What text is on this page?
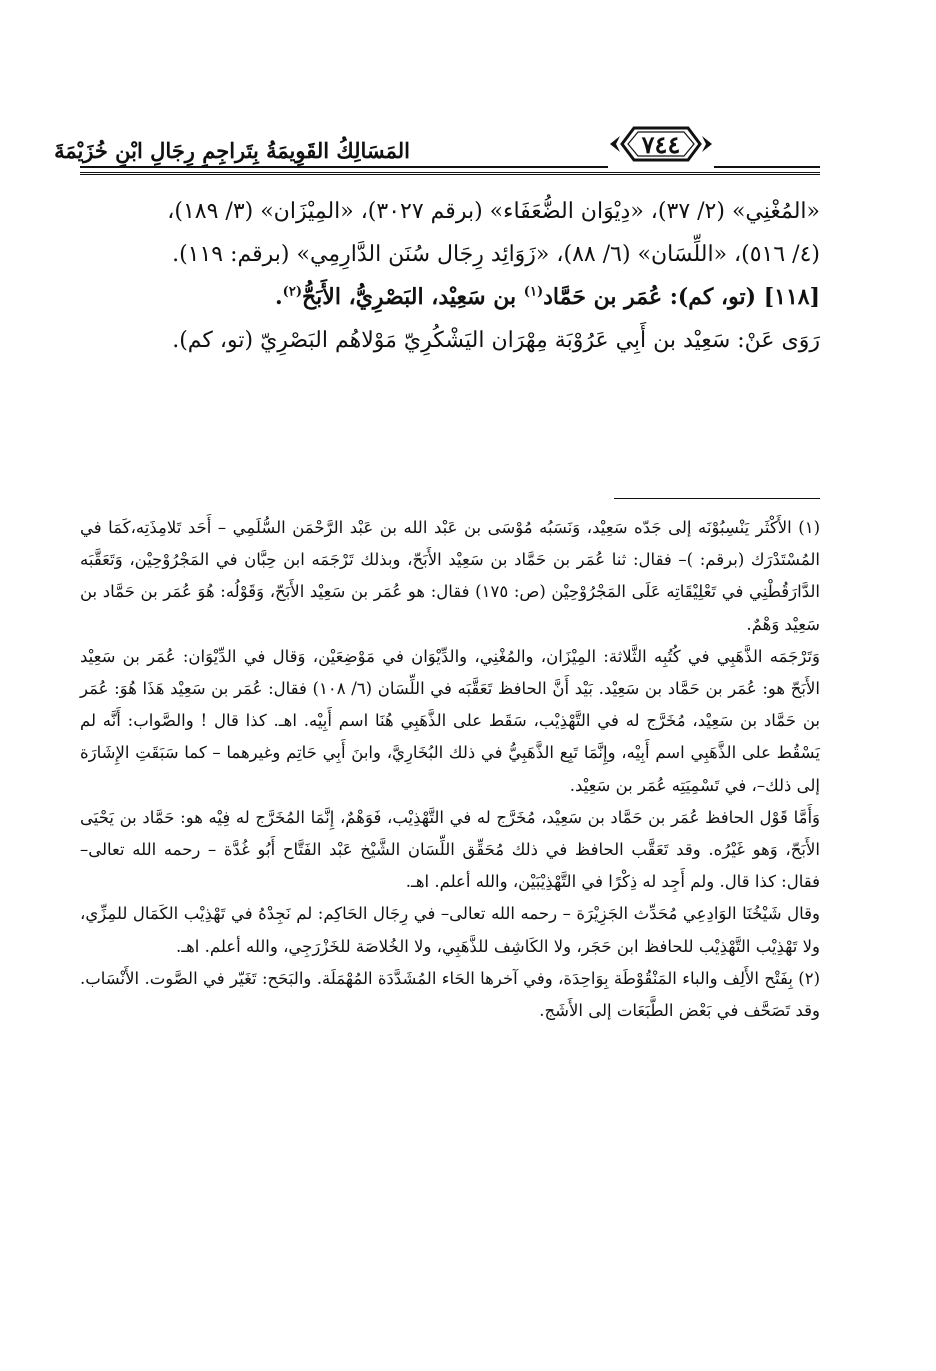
المَسَالِكُ القَوِيمَةُ بِتَراجِمِ رِجَالِ ابْنِ خُزَيْمَةَ	٧٤٤

«المُغْنِي» (٢/ ٣٧)، «دِيْوَان الضُّعَفَاء» (برقم ٣٠٢٧)، «المِيْزَان» (٣/ ١٨٩)،

(٤/ ٥١٦)، «اللِّسَان» (٦/ ٨٨)، «زَوَائِد رِجَال سُنَن الدَّارِمِي» (برقم: ١١٩).

[١١٨] (تو، كم): عُمَر بن حَمَّاد$^{(١)}$ بن سَعِيْد، البَصْرِيُّ، الأَبَحُّ$^{(٢)}$.

رَوَى عَنْ: سَعِيْد بن أَبِي عَرُوْبَة مِهْرَان اليَشْكُرِيّ مَوْلاهُم البَصْرِيّ (تو، كم).

(١) الأَكْثَر يَنْسِبُوْنَه إلى جَدّه سَعِيْد، وَنَسَبُه مُوْسَى بن عَبْد الله بن عَبْد الرَّحْمَن السُّلَمِي – أَحَد تَلامِذَتِه،كَمَا في المُسْتَدْرَك (برقم: )– فقال: ثنا عُمَر بن حَمَّاد بن سَعِيْد الأَبَحّ، وبذلك تَرْجَمَه ابن حِبَّان في المَجْرُوْحِيْن، وَتَعَقَّبَه الدَّارَقُطْنِي في تَعْلِيْقَاتِه عَلَى المَجْرُوْحِيْن (ص: ١٧٥) فقال: هو عُمَر بن سَعِيْد الأَبَحّ، وَقَوْلُه: هُوَ عُمَر بن حَمَّاد بن سَعِيْد وَهْمٌ.

وَتَرْجَمَه الذَّهَبِي في كُتُبِه الثَّلاثة: المِيْزَان، والمُغْنِي، والدِّيْوَان في مَوْضِعَيْن، وَقال في الدِّيْوَان: عُمَر بن سَعِيْد الأَبَحّ هو: عُمَر بن حَمَّاد بن سَعِيْد. بَيْد أَنَّ الحافظ تَعَقَّبَه في اللِّسَان (٦/ ١٠٨) فقال: عُمَر بن سَعِيْد هَذَا هُوَ: عُمَر بن حَمَّاد بن سَعِيْد، مُخَرَّج له في التَّهْذِيْب، سَقَط على الذَّهَبِي هُنَا اسم أَبِيْه. اهـ. كذا قال ! والصَّواب: أَنَّه لم يَسْقُط على الذَّهَبِي اسم أَبِيْه، وإِنَّمَا تَبِع الذَّهَبِيُّ في ذلك البُخَارِيَّ، وابنَ أَبِي حَاتِم وغيرهما – كما سَبَقَتِ الإِشَارَة إلى ذلك–، في تَسْمِيَتِه عُمَر بن سَعِيْد.

وَأَمَّا قَوْل الحافظ عُمَر بن حَمَّاد بن سَعِيْد، مُخَرَّج له في التَّهْذِيْب، فَوَهْمٌ، إِنَّمَا المُخَرَّج له فِيْه هو: حَمَّاد بن يَحْيَى الأَبَحّ، وَهو غَيْرُه. وقد تَعَقَّب الحافظ في ذلك مُحَقِّق اللِّسَان الشَّيْخ عَبْد الفَتَّاح أَبُو غُدَّة – رحمه الله تعالى– فقال: كذا قال. ولم أَجِد له ذِكْرًا في التَّهْذِيْبَيْن، والله أعلم. اهـ.

وقال شَيْخُنَا الوَادِعِي مُحَدِّث الجَزِيْرَة – رحمه الله تعالى– في رِجَال الحَاكِم: لم نَجِدْهُ في تَهْذِيْب الكَمَال للمِزِّي، ولا تَهْذِيْب التَّهْذِيْب للحافظ ابن حَجَر، ولا الكَاشِف للذَّهَبِي، ولا الخُلاصَة للخَزْرَجِي، والله أعلم. اهـ.

(٢) بِفَتْح الأَلِف والباء المَنْقُوْطَة بِوَاحِدَة، وفي آخرها الحَاء المُشَدَّدَة المُهْمَلَة. والبَحَح: تَغَيّر في الصَّوت. الأَنْسَاب. وقد تَصَحَّف في بَعْض الطَّبَعَات إلى الأَشَج.
